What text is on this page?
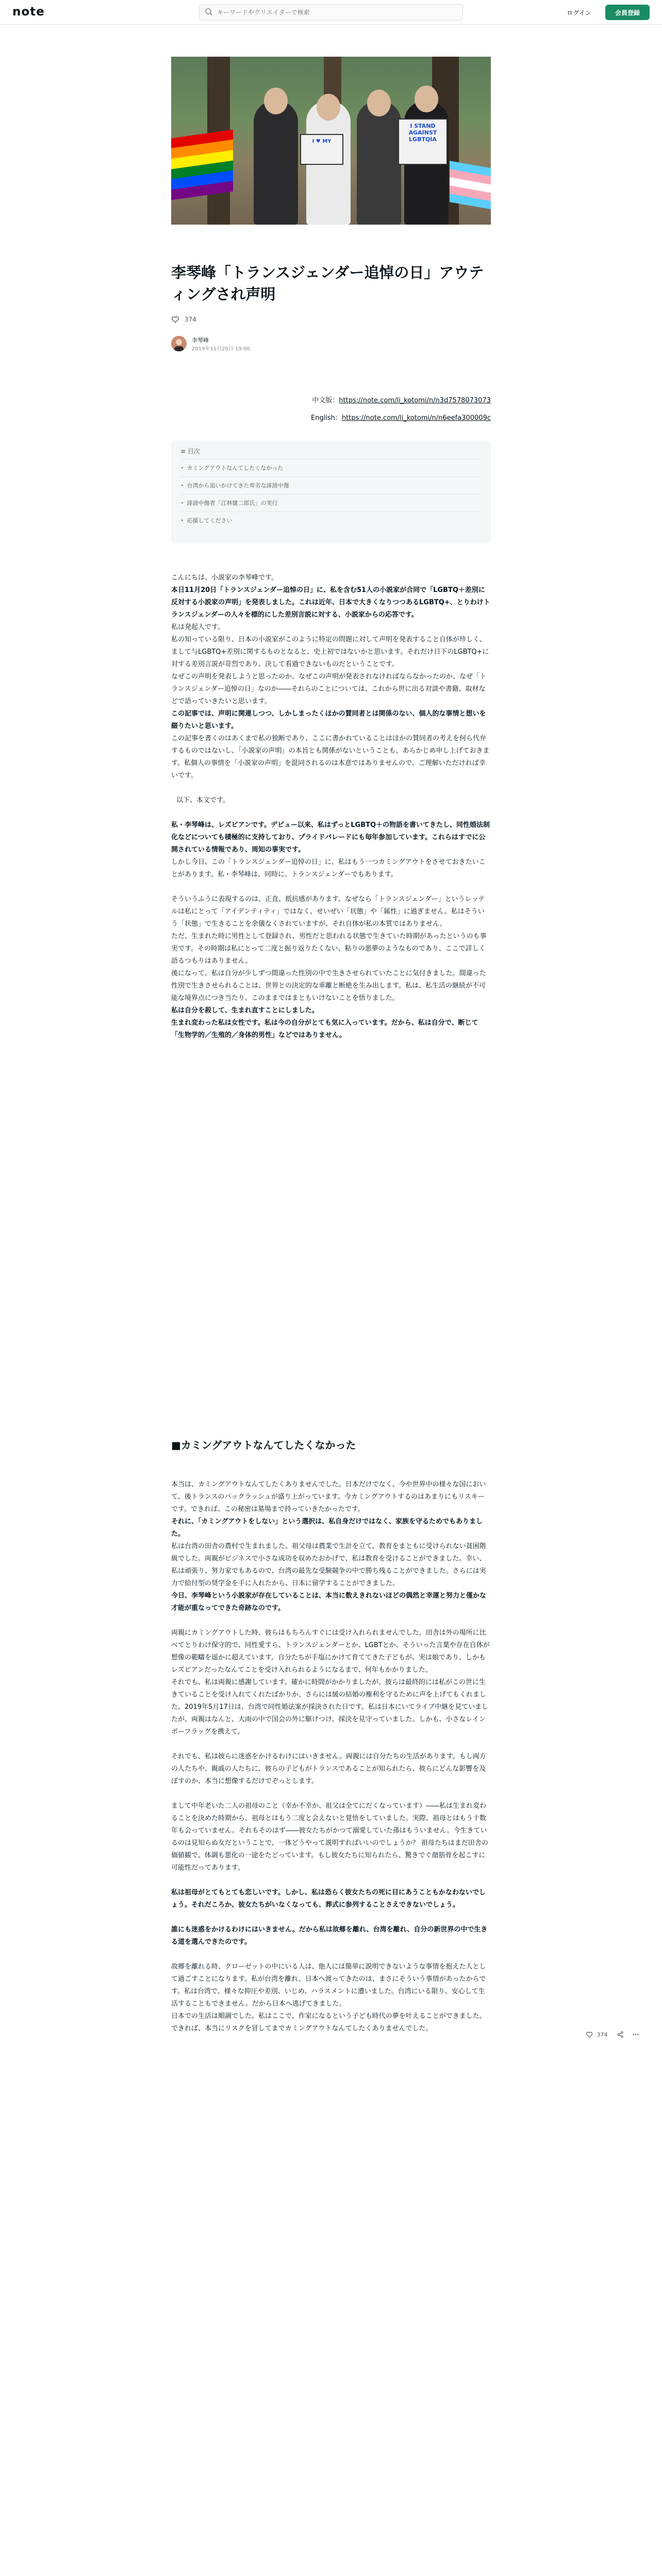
note
キーワードやクリエイターで検索	ログイン	会員登録
I ♥ MY
I STAND AGAINST LGBTQIA
李琴峰「トランスジェンダー追悼の日」アウティングされ声明
374
李琴峰
2019年11月20日 19:00
中文版：https://note.com/li_kotomi/n/n3d7578073073
English：https://note.com/li_kotomi/n/n6eefa300009c
≡ 目次
• カミングアウトなんてしたくなかった
• 台湾から追いかけてきた卑劣な誹謗中傷
• 誹謗中傷者「江林健二郎氏」の実行
• 応援してください

こんにちは、小説家の李琴峰です。

本日11月20日「トランスジェンダー追悼の日」に、私を含む51人の小説家が合同で「LGBTQ＋差別に反対する小説家の声明」を発表しました。これは近年、日本で大きくなりつつあるLGBTQ+、とりわけトランスジェンダーの人々を標的にした差別言説に対する、小説家からの応答です。

私は発起人です。

私の知っている限り、日本の小説家がこのように特定の問題に対して声明を発表すること自体が珍しく、まして与LGBTQ+差別に関するものとなると、史上初ではないかと思います。それだけ日下のLGBTQ+に対する差別言説が苛烈であり、決して看過できないものだということです。

なぜこの声明を発表しようと思ったのか、なぜこの声明が発表されなければならなかったのか、なぜ「トランスジェンダー追悼の日」なのか――それらのことについては、これから世に出る対談や書籍、取材などで語っていきたいと思います。

この記事では、声明に関連しつつ、しかしまったくほかの賛同者とは関係のない、個人的な事情と想いを綴りたいと思います。

この記事を書くのはあくまで私の独断であり、ここに書かれていることはほかの賛同者の考えを何ら代弁するものではないし、「小説家の声明」の本旨とも関係がないということも、あらかじめ申し上げておきます。私個人の事情を「小説家の声明」を混同されるのは本意ではありませんので、ご理解いただければ幸いです。

以下、本文です。

私・李琴峰は、レズビアンです。デビュー以来、私はずっとLGBTQ＋の物語を書いてきたし、同性婚法制化などについても積極的に支持しており、プライドパレードにも毎年参加しています。これらはすでに公開されている情報であり、周知の事実です。

しかし今日、この「トランスジェンダー追悼の日」に、私はもう一つカミングアウトをさせておきたいことがあります。私・李琴峰は、同時に、トランスジェンダーでもあります。

そういうふうに表現するのは、正直、抵抗感があります。なぜなら「トランスジェンダー」というレッテルは私にとって「アイデンティティ」ではなく、せいぜい「状態」や「属性」に過ぎません。私はそういう「状態」で生きることを余儀なくされていますが、それ自体が私の本質ではありません。

ただ、生まれた時に男性として登録され、男性だと思われる状態で生きていた時期があったというのも事実です。その時期は私にとって二度と振り返りたくない、粘りの悪夢のようなものであり、ここで詳しく語るつもりはありません。

後になって、私は自分が少しずつ間違った性別の中で生きさせられていたことに気付きました。間違った性別で生きさせられることは、世界との決定的な乖離と断絶を生み出します。私は、私生活の継続が不可能な境界点につき当たり、このままではまともいけないことを悟りました。

私は自分を殺して、生まれ直すことにしました。

生まれ変わった私は女性です。私は今の自分がとても気に入っています。だから、私は自分で、断じて「生物学的／生殖的／身体的男性」などではありません。

■カミングアウトなんてしたくなかった

本当は、カミングアウトなんてしたくありませんでした。日本だけでなく、今や世界中の様々な国において、後トランスのバックラッシュが盛り上がっています。今カミングアウトするのはあまりにもリスキーです。できれば、この秘密は墓場まで持っていきたかったです。

それに、「カミングアウトをしない」という選択は、私自身だけではなく、家族を守るためでもありました。

私は台湾の田舎の農村で生まれました。祖父母は農業で生計を立て、教育をまともに受けられない貧困階級でした。両親がビジネスで小さな成功を収めたおかげで、私は教育を受けることができました。幸い、私は頑張り、努力家でもあるので、台湾の最先な受験競争の中で勝ち残ることができました。さらには実力で給付型の奨学金を手に入れたから、日本に留学することができました。

今日、李琴峰という小説家が存在していることは、本当に数えきれないほどの偶然と幸運と努力と僅かな才能が重なってできた奇跡なのです。

両親にカミングアウトした時、彼らはもちろんすぐには受け入れられませんでした。田舎は外の場所に比べてとりわけ保守的で、同性愛すら、トランスジェンダーとか、LGBTとか、そういった言葉や存在自体が想像の範疇を遥かに超えています。自分たちが手塩にかけて育ててきた子どもが、実は娘であり、しかもレズビアンだったなんてことを受け入れられるようになるまで、何年もかかりました。

それでも、私は両親に感謝しています。確かに時間がかかりましたが、彼らは最終的には私がこの世に生きていることを受け入れてくれたばかりか、さらには緩の結婚の権利を守るために声を上げてもくれました。2019年5月17日は、台湾で同性婚法案が採決された日です。私は日本にいてライブ中継を見ていましたが、両親はなんと、大雨の中で国会の外に駆けつけ、採決を見守っていました。しかも、小さなレインボーフラッグを携えて。

それでも、私は彼らに迷惑をかけるわけにはいきません。両親には自分たちの生活があります。もし両方の人たちや、親戚の人たちに、彼らの子どもがトランスであることが知られたら、彼らにどんな影響を及ぼすのか、本当に想像するだけでぞっとします。

まして中年老いた二人の祖母のこと（幸か不幸か、祖父は全てにだくなっています）――私は生まれ変わることを決めた時期から、祖母とはもう二度と会えないと覚悟をしていました。実際、祖母とはもう十数年も会っていません。それもそのはず――彼女たちがかつて溺愛していた孫はもういません。今生きているのは見知らぬ女だということで、一体どうやって説明すればいいのでしょうか？ 祖母たちはまだ田舎の価値観で、体調も悪化の一途をたどっています。もし彼女たちに知られたら、驚きでぐ顔筋骨を起こすに可能性だってあります。

私は祖母がとてもとても恋しいです。しかし、私は恐らく彼女たちの死に目にあうこともかなわないでしょう。それだころか、彼女たちがいなくなっても、葬式に参列することさえできないでしょう。

誰にも迷惑をかけるわけにはいきません。だから私は故郷を離れ、台湾を離れ、自分の新世界の中で生きる道を選んできたのです。

故郷を離れる時、クローゼットの中にいる人は、他人には簡単に説明できないような事情を抱えた人として過ごすことになります。私が台湾を離れ、日本へ渡ってきたのは、まさにそういう事情があったからです。私は台湾で、様々な抑圧や差別、いじめ、ハラスメントに遭いました。台湾にいる限り、安心して生活することもできません。だから日本へ逃げてきました。

日本での生活は順調でした。私はここで、作家になるという子ども時代の夢を叶えることができました。できれば、本当にリスクを冒してまでカミングアウトなんてしたくありませんでした。

374
